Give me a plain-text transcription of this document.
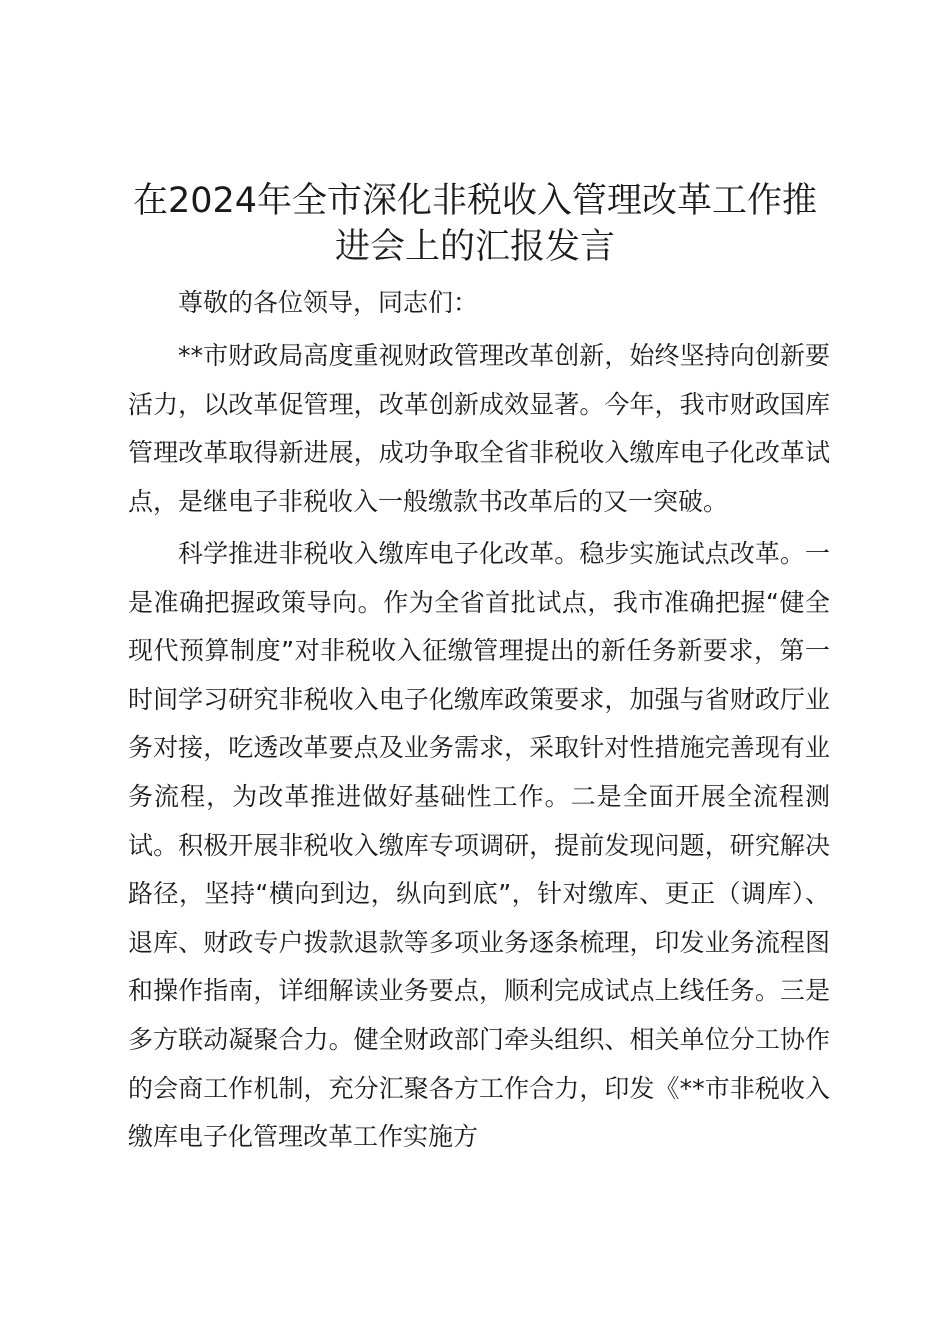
在2024年全市深化非税收入管理改革工作推进会上的汇报发言

尊敬的各位领导，同志们：

**市财政局高度重视财政管理改革创新，始终坚持向创新要活力，以改革促管理，改革创新成效显著。今年，我市财政国库管理改革取得新进展，成功争取全省非税收入缴库电子化改革试点，是继电子非税收入一般缴款书改革后的又一突破。

科学推进非税收入缴库电子化改革。稳步实施试点改革。一是准确把握政策导向。作为全省首批试点，我市准确把握“健全现代预算制度”对非税收入征缴管理提出的新任务新要求，第一时间学习研究非税收入电子化缴库政策要求，加强与省财政厅业务对接，吃透改革要点及业务需求，采取针对性措施完善现有业务流程，为改革推进做好基础性工作。二是全面开展全流程测试。积极开展非税收入缴库专项调研，提前发现问题，研究解决路径，坚持“横向到边，纵向到底”，针对缴库、更正（调库）、退库、财政专户拨款退款等多项业务逐条梳理，印发业务流程图和操作指南，详细解读业务要点，顺利完成试点上线任务。三是多方联动凝聚合力。健全财政部门牵头组织、相关单位分工协作的会商工作机制，充分汇聚各方工作合力，印发《**市非税收入缴库电子化管理改革工作实施方
